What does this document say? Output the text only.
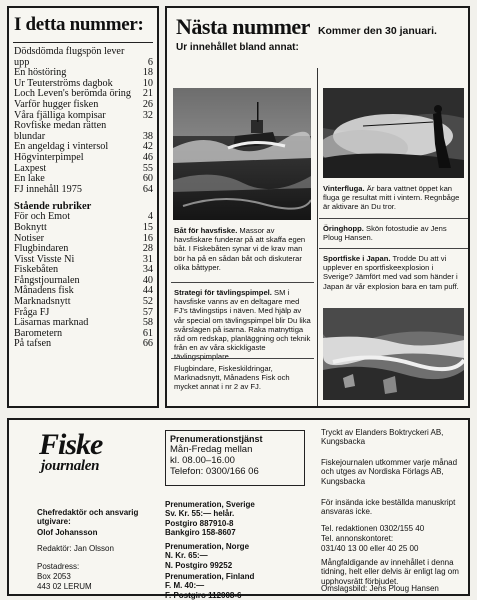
I detta nummer:
Dödsdömda flugspön lever upp	6
En höstöring	18
Ur Teuterströms dagbok	10
Loch Leven's berömda öring	21
Varför hugger fisken	26
Våra fjälliga kompisar	32
Rovfiske medan rätten blundar	38
En angeldag i vintersol	42
Högvinterpimpel	46
Laxpest	55
En lake	60
FJ innehåll 1975	64
Stående rubriker
För och Emot	4
Boknytt	15
Notiser	16
Flugbindaren	28
Visst Visste Ni	31
Fiskebåten	34
Fångstjournalen	40
Månadens fisk	44
Marknadsnytt	52
Fråga FJ	57
Läsarnas marknad	58
Barometern	61
På tafsen	66
Nästa nummer Kommer den 30 januari.
Ur innehållet bland annat:
Båt för havsfiske. Massor av havsfiskare funderar på att skaffa egen båt. I Fiskebåten synar vi de krav man bör ha på en sådan båt och diskuterar olika båttyper.
Strategi för tävlingspimpel. SM i havsfiske vanns av en deltagare med FJ's tävlingstips i näven. Med hjälp av vår special om tävlingspimpel blir Du lika svårslagen på isarna. Raka matnyttiga råd om redskap, planläggning och teknik från en av våra skickligaste tävlingspimplare.
Flugbindare, Fiskeskildringar, Marknadsnytt, Månadens Fisk och mycket annat i nr 2 av FJ.
Vinterfluga. Är bara vattnet öppet kan fluga ge resultat mitt i vintern. Regnbåge är aktivare än Du tror.
Öringhopp. Skön fotostudie av Jens Ploug Hansen.
Sportfiske i Japan. Trodde Du att vi upplever en sportfiskeexplosion i Sverige? Jämfört med vad som händer i Japan är vår explosion bara en tam puff.
Fiske
journalen
Chefredaktör och ansvarig utgivare:
Olof Johansson
Redaktör: Jan Olsson
Postadress:
Box 2053
443 02 LERUM
Prenumerationstjänst
Mån-Fredag mellan
kl. 08.00–16.00
Telefon: 0300/166 06
Prenumeration, Sverige
Sv. Kr. 55:— helår.
Postgiro 887910-8
Bankgiro 158-8607
Prenumeration, Norge
N. Kr. 65:—
N. Postgiro 99252
Prenumeration, Finland
F. M. 40:—
F. Postgiro 112008-6
Tryckt av Elanders Boktryckeri AB, Kungsbacka
Fiskejournalen utkommer varje månad och utges av Nordiska Förlags AB, Kungsbacka
För insända icke beställda manuskript ansvaras icke.
Tel. redaktionen 0302/155 40
Tel. annonskontoret:
031/40 13 00 eller 40 25 00
Mångfaldigande av innehållet i denna tidning, helt eller delvis är enligt lag om upphovsrätt förbjudet.
Omslagsbild: Jens Ploug Hansen
